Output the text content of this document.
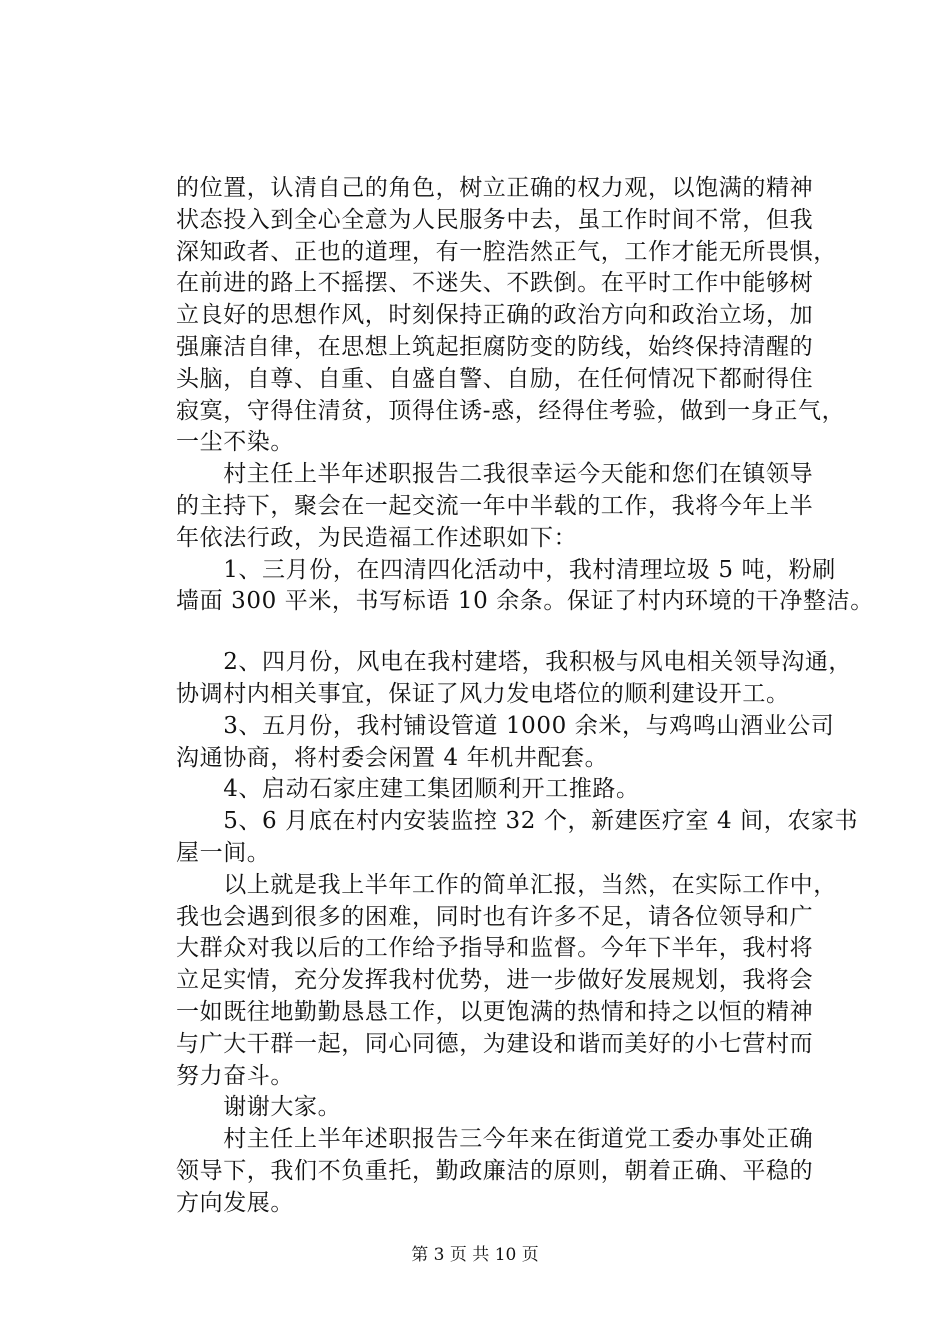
的位置，认清自己的角色，树立正确的权力观，以饱满的精神
状态投入到全心全意为人民服务中去，虽工作时间不常，但我
深知政者、正也的道理，有一腔浩然正气，工作才能无所畏惧，
在前进的路上不摇摆、不迷失、不跌倒。在平时工作中能够树
立良好的思想作风，时刻保持正确的政治方向和政治立场，加
强廉洁自律，在思想上筑起拒腐防变的防线，始终保持清醒的
头脑，自尊、自重、自盛自警、自励，在任何情况下都耐得住
寂寞，守得住清贫，顶得住诱-惑，经得住考验，做到一身正气，
一尘不染。
　　村主任上半年述职报告二我很幸运今天能和您们在镇领导
的主持下，聚会在一起交流一年中半载的工作，我将今年上半
年依法行政，为民造福工作述职如下：
　　1、三月份，在四清四化活动中，我村清理垃圾 5 吨，粉刷
墙面 300 平米，书写标语 10 余条。保证了村内环境的干净整洁。
　　2、四月份，风电在我村建塔，我积极与风电相关领导沟通，
协调村内相关事宜，保证了风力发电塔位的顺利建设开工。
　　3、五月份，我村铺设管道 1000 余米，与鸡鸣山酒业公司
沟通协商，将村委会闲置 4 年机井配套。
　　4、启动石家庄建工集团顺利开工推路。
　　5、6 月底在村内安装监控 32 个，新建医疗室 4 间，农家书
屋一间。
　　以上就是我上半年工作的简单汇报，当然，在实际工作中，
我也会遇到很多的困难，同时也有许多不足，请各位领导和广
大群众对我以后的工作给予指导和监督。今年下半年，我村将
立足实情，充分发挥我村优势，进一步做好发展规划，我将会
一如既往地勤勤恳恳工作，以更饱满的热情和持之以恒的精神
与广大干群一起，同心同德，为建设和谐而美好的小七营村而
努力奋斗。
　　谢谢大家。
　　村主任上半年述职报告三今年来在街道党工委办事处正确
领导下，我们不负重托，勤政廉洁的原则，朝着正确、平稳的
方向发展。
第 3 页 共 10 页
